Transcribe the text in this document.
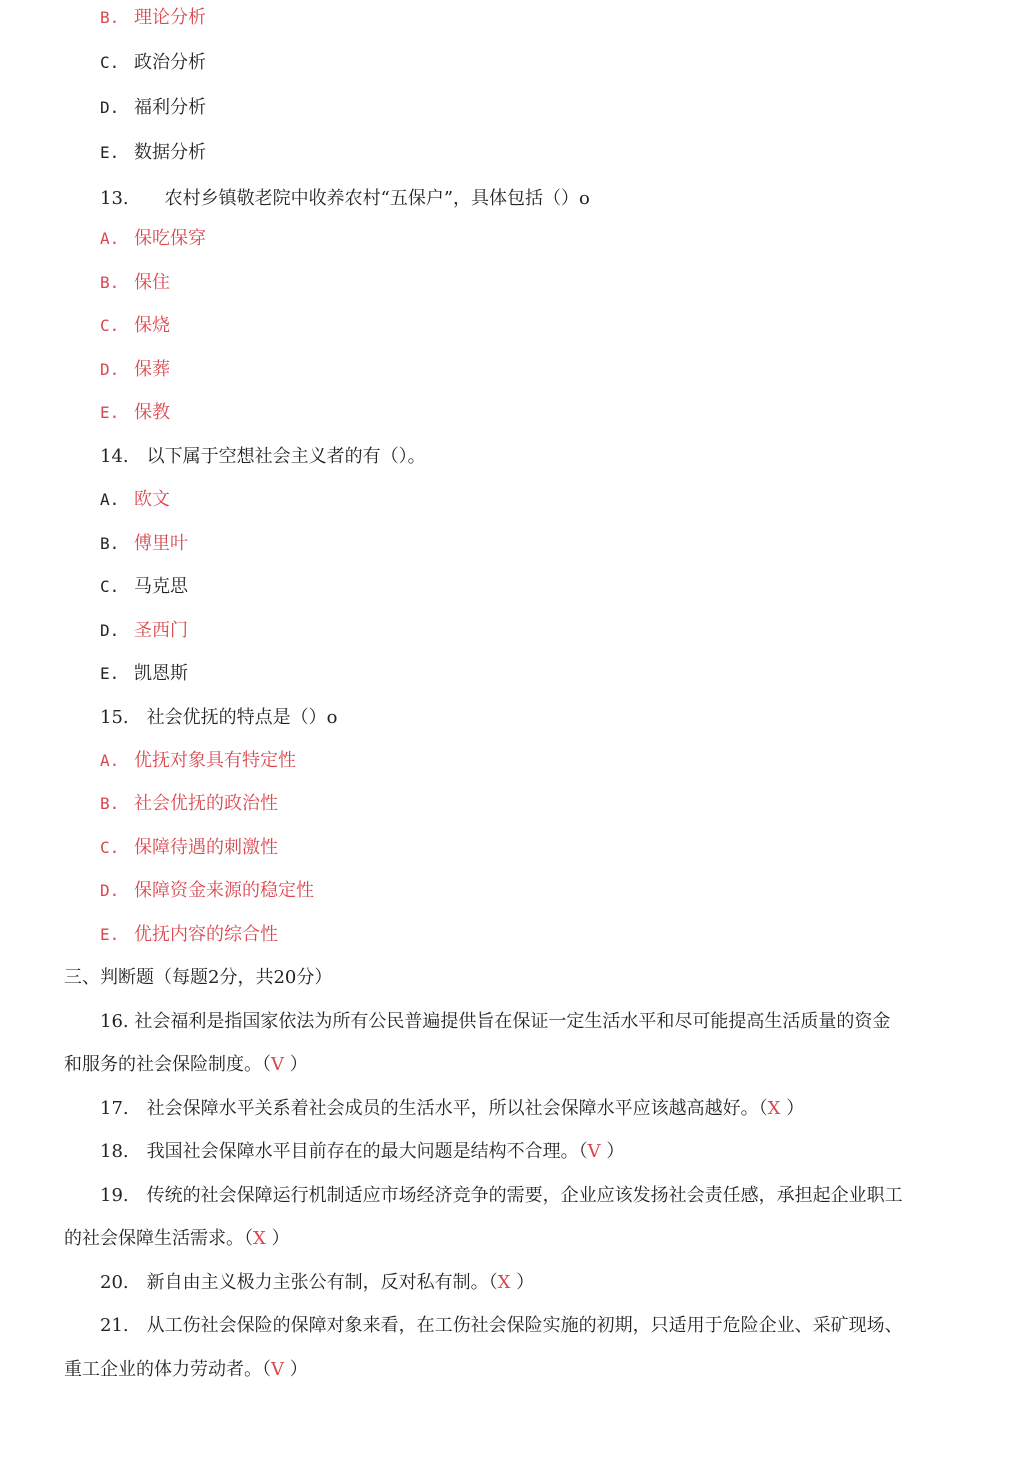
B. 理论分析
C. 政治分析
D. 福利分析
E. 数据分析
13.　　农村乡镇敬老院中收养农村“五保户”，具体包括（）o
A. 保吃保穿
B. 保住
C. 保烧
D. 保葬
E. 保教
14.　以下属于空想社会主义者的有（）。
A. 欧文
B. 傅里叶
C. 马克思
D. 圣西门
E. 凯恩斯
15.　社会优抚的特点是（）o
A. 优抚对象具有特定性
B. 社会优抚的政治性
C. 保障待遇的刺激性
D. 保障资金来源的稳定性
E. 优抚内容的综合性
三、判断题（每题2分，共20分）
16. 社会福利是指国家依法为所有公民普遍提供旨在保证一定生活水平和尽可能提高生活质量的资金
和服务的社会保险制度。（V ）
17.　社会保障水平关系着社会成员的生活水平，所以社会保障水平应该越高越好。（X ）
18.　我国社会保障水平目前存在的最大问题是结构不合理。（V ）
19.　传统的社会保障运行机制适应市场经济竞争的需要，企业应该发扬社会责任感，承担起企业职工
的社会保障生活需求。（X ）
20.　新自由主义极力主张公有制，反对私有制。（X ）
21.　从工伤社会保险的保障对象来看，在工伤社会保险实施的初期，只适用于危险企业、采矿现场、
重工企业的体力劳动者。（V ）
